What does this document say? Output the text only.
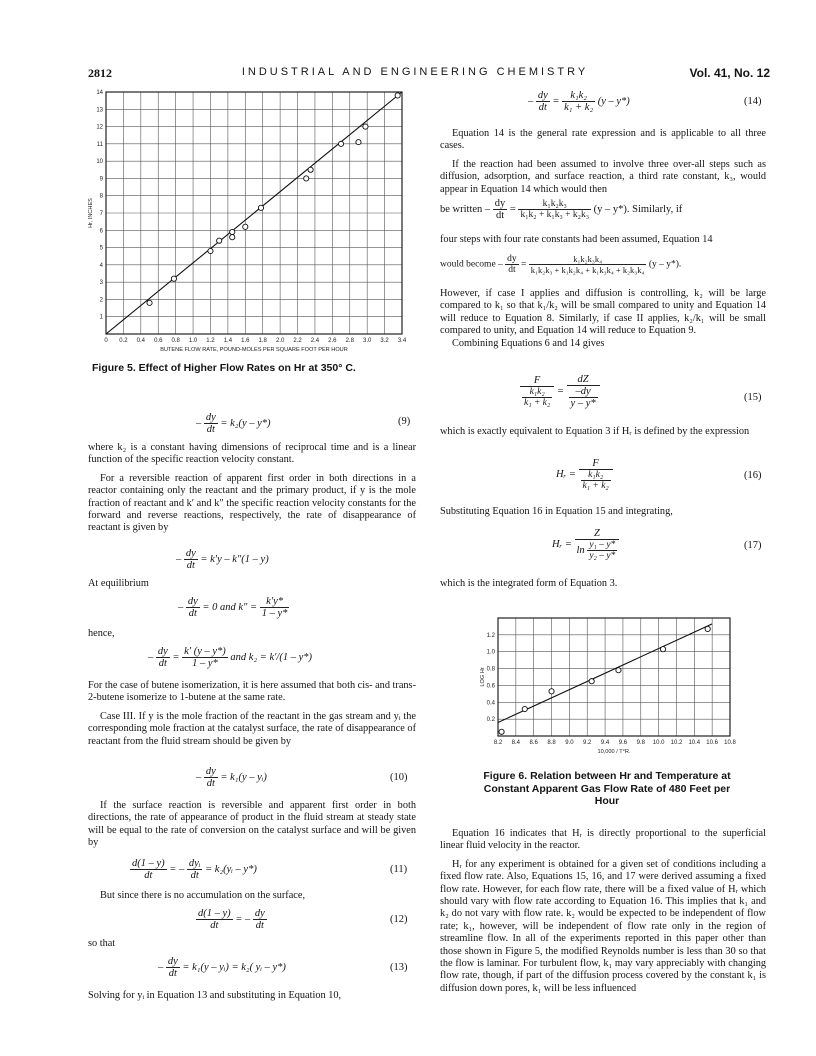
2812	INDUSTRIAL AND ENGINEERING CHEMISTRY	Vol. 41, No. 12
0 0.2 0.4 0.6 0.8 1.0 1.2 1.4 1.6 1.8 2.0 2.2 2.4 2.6 2.8 3.0 3.2 3.4
1
2
3
4
5
6
7
8
9
10
11
12
13
14
BUTENE FLOW RATE, POUND-MOLES PER SQUARE FOOT PER HOUR
Hr, INCHES
Figure 5. Effect of Higher Flow Rates on Hr at 350° C.
– $\frac{dy}{dt} = k_2(y - y*)$	(9)

where k₂ is a constant having dimensions of reciprocal time and is a linear function of the specific reaction velocity constant.

For a reversible reaction of apparent first order in both directions in a reactor containing only the reactant and the primary product, if y is the mole fraction of reactant and k′ and k″ the specific reaction velocity constants for the forward and reverse reactions, respectively, the rate of disappearance of reactant is given by

– $\frac{dy}{dt} = k'y - k''(1 - y)$
At equilibrium
– $\frac{dy}{dt} = 0$ and $k'' = \frac{k'y*}{1 - y*}$
hence,
– $\frac{dy}{dt} = \frac{k' (y - y*)}{1 - y*}$ and k₂ = k′/(1 – y*)

For the case of butene isomerization, it is here assumed that both cis- and trans-2-butene isomerize to 1-butene at the same rate.

Case III. If y is the mole fraction of the reactant in the gas stream and yᵢ the corresponding mole fraction at the catalyst surface, the rate of disappearance of reactant from the fluid stream should be given by

– $\frac{dy}{dt} = k_1(y$ – yᵢ)	(10)

If the surface reaction is reversible and apparent first order in both directions, the rate of appearance of product in the fluid stream at steady state will be equal to the rate of conversion on the catalyst surface and will be given by

$\frac{d(1 - y)}{dt}$ = – $\frac{\text{dyᵢ}}{dt}$ = k₂(yᵢ – y*)	(11)

But since there is no accumulation on the surface,

$\frac{d(1 - y)}{dt}$ = – $\frac{dy}{dt}$	(12)
so that
– $\frac{dy}{dt} = k_1(y$ – yᵢ) = k₂( yᵢ – y*)	(13)

Solving for yᵢ in Equation 13 and substituting in Equation 10,

– $\frac{dy}{dt} = \frac{\text{k₁k₂}}{\text{k₁ + k₂}} (y - y*)$	(14)

Equation 14 is the general rate expression and is applicable to all three cases.

If the reaction had been assumed to involve three over-all steps such as diffusion, adsorption, and surface reaction, a third rate constant, k₃, would appear in Equation 14 which would then

be written – $\frac{dy}{dt} = \frac{\text{k₁k₂k₃}}{\text{k₁k₂ + k₁k₃ + k₂k₃}} (y - y*)$. Similarly, if

four steps with four rate constants had been assumed, Equation 14

would become – $\frac{dy}{dt} = \frac{\text{k₁k₂k₃k₄}}{\text{k₁k₂k₃ + k₁k₂k₄ + k₁k₃k₄ + k₂k₃k₄}} (y - y*)$.

However, if case I applies and diffusion is controlling, k₂ will be large compared to k₁ so that k₁/k₂ will be small compared to unity and Equation 14 will reduce to Equation 8. Similarly, if case II applies, k₂/k₁ will be small compared to unity, and Equation 14 will reduce to Equation 9.

Combining Equations 6 and 14 gives

$\frac{F}{\frac{\text{k₁k₂}}{\text{k₁ + k₂}}} = \frac{dZ}{\frac{-dy}{y - y*}}$	(15)

which is exactly equivalent to Equation 3 if Hᵣ is defined by the expression

Hᵣ = $\frac{F}{\frac{\text{k₁k₂}}{\text{k₁ + k₂}}}$	(16)

Substituting Equation 16 in Equation 15 and integrating,

Hᵣ = $\frac{Z}{\ln \frac{\text{y₁ – y*}}{\text{y₂ – y*}}}$	(17)

which is the integrated form of Equation 3.

8.2 8.4 8.6 8.8 9.0 9.2 9.4 9.6 9.8 10.0 10.2 10.4 10.6 10.8
0.2
0.4
0.6
0.8
1.0
1.2
10,000 / T°R.
LOG Hr
Figure 6. Relation between Hr and Temperature at Constant Apparent Gas Flow Rate of 480 Feet per Hour

Equation 16 indicates that Hᵣ is directly proportional to the superficial linear fluid velocity in the reactor.

Hᵣ for any experiment is obtained for a given set of conditions including a fixed flow rate. Also, Equations 15, 16, and 17 were derived assuming a fixed flow rate. However, for each flow rate, there will be a fixed value of Hᵣ which should vary with flow rate according to Equation 16. This implies that k₁ and k₂ do not vary with flow rate. k₂ would be expected to be independent of flow rate; k₁, however, will be independent of flow rate only in the region of streamline flow. In all of the experiments reported in this paper other than those shown in Figure 5, the modified Reynolds number is less than 30 so that the flow is laminar. For turbulent flow, k₁ may vary appreciably with changing flow rate, though, if part of the diffusion process covered by the constant k₁ is diffusion down pores, k₁ will be less influenced
